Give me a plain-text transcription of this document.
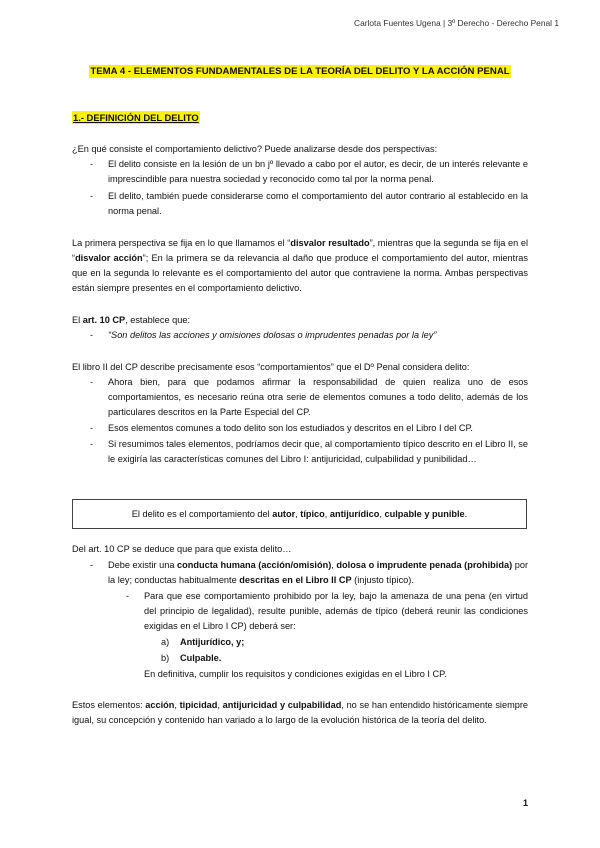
Carlota Fuentes Ugena | 3º Derecho - Derecho Penal 1
TEMA 4 - ELEMENTOS FUNDAMENTALES DE LA TEORÍA DEL DELITO Y LA ACCIÓN PENAL
1.- DEFINICIÓN DEL DELITO

¿En qué consiste el comportamiento delictivo? Puede analizarse desde dos perspectivas:

- El delito consiste en la lesión de un bn jº llevado a cabo por el autor, es decir, de un interés relevante e imprescindible para nuestra sociedad y reconocido como tal por la norma penal.

- El delito, también puede considerarse como el comportamiento del autor contrario al establecido en la norma penal.

La primera perspectiva se fija en lo que llamamos el “disvalor resultado”, mientras que la segunda se fija en el “disvalor acción”; En la primera se da relevancia al daño que produce el comportamiento del autor, mientras que en la segunda lo relevante es el comportamiento del autor que contraviene la norma. Ambas perspectivas están siempre presentes en el comportamiento delictivo.

El art. 10 CP, establece que:

- “Son delitos las acciones y omisiones dolosas o imprudentes penadas por la ley”

El libro II del CP describe precisamente esos “comportamientos” que el Dº Penal considera delito:

- Ahora bien, para que podamos afirmar la responsabilidad de quien realiza uno de esos comportamientos, es necesario reúna otra serie de elementos comunes a todo delito, además de los particulares descritos en la Parte Especial del CP.

- Esos elementos comunes a todo delito son los estudiados y descritos en el Libro I del CP.

- Si resumimos tales elementos, podríamos decir que, al comportamiento típico descrito en el Libro II, se le exigiría las características comunes del Libro I: antijuricidad, culpabilidad y punibilidad…

El delito es el comportamiento del autor, típico, antijurídico, culpable y punible.

Del art. 10 CP se deduce que para que exista delito…

- Debe existir una conducta humana (acción/omisión), dolosa o imprudente penada (prohibida) por la ley; conductas habitualmente descritas en el Libro II CP (injusto típico).

- Para que ese comportamiento prohibido por la ley, bajo la amenaza de una pena (en virtud del principio de legalidad), resulte punible, además de típico (deberá reunir las condiciones exigidas en el Libro I CP) deberá ser:

a) Antijurídico, y;

b) Culpable.

En definitiva, cumplir los requisitos y condiciones exigidas en el Libro I CP.

Estos elementos: acción, tipicidad, antijuricidad y culpabilidad, no se han entendido históricamente siempre igual, su concepción y contenido han variado a lo largo de la evolución histórica de la teoría del delito.

1
